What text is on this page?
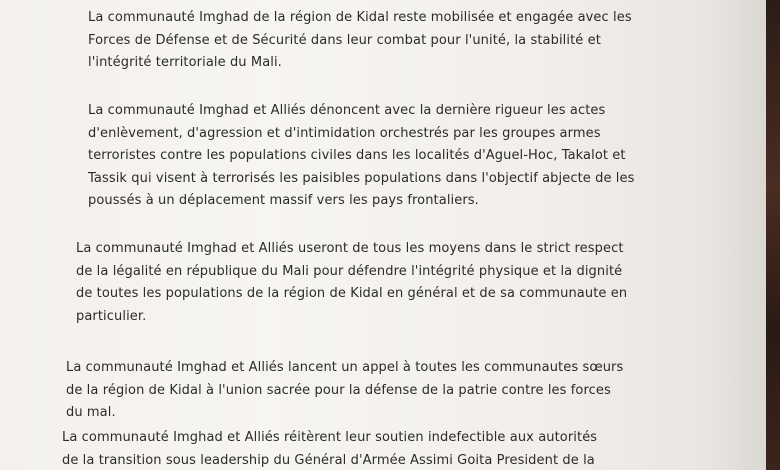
La communauté Imghad de la région de Kidal reste mobilisée et engagée avec les
Forces de Défense et de Sécurité dans leur combat pour l'unité, la stabilité et
l'intégrité territoriale du Mali.

La communauté Imghad et Alliés dénoncent avec la dernière rigueur les actes
d'enlèvement, d'agression et d'intimidation orchestrés par les groupes armes
terroristes contre les populations civiles dans les localités d'Aguel-Hoc, Takalot et
Tassik qui visent à terrorisés les paisibles populations dans l'objectif abjecte de les
poussés à un déplacement massif vers les pays frontaliers.

La communauté Imghad et Alliés useront de tous les moyens dans le strict respect
de la légalité en république du Mali pour défendre l'intégrité physique et la dignité
de toutes les populations de la région de Kidal en général et de sa communaute en
particulier.

La communauté Imghad et Alliés lancent un appel à toutes les communautes sœurs
de la région de Kidal à l'union sacrée pour la défense de la patrie contre les forces
du mal.

La communauté Imghad et Alliés réitèrent leur soutien indefectible aux autorités
de la transition sous leadership du Général d'Armée Assimi Goita President de la
